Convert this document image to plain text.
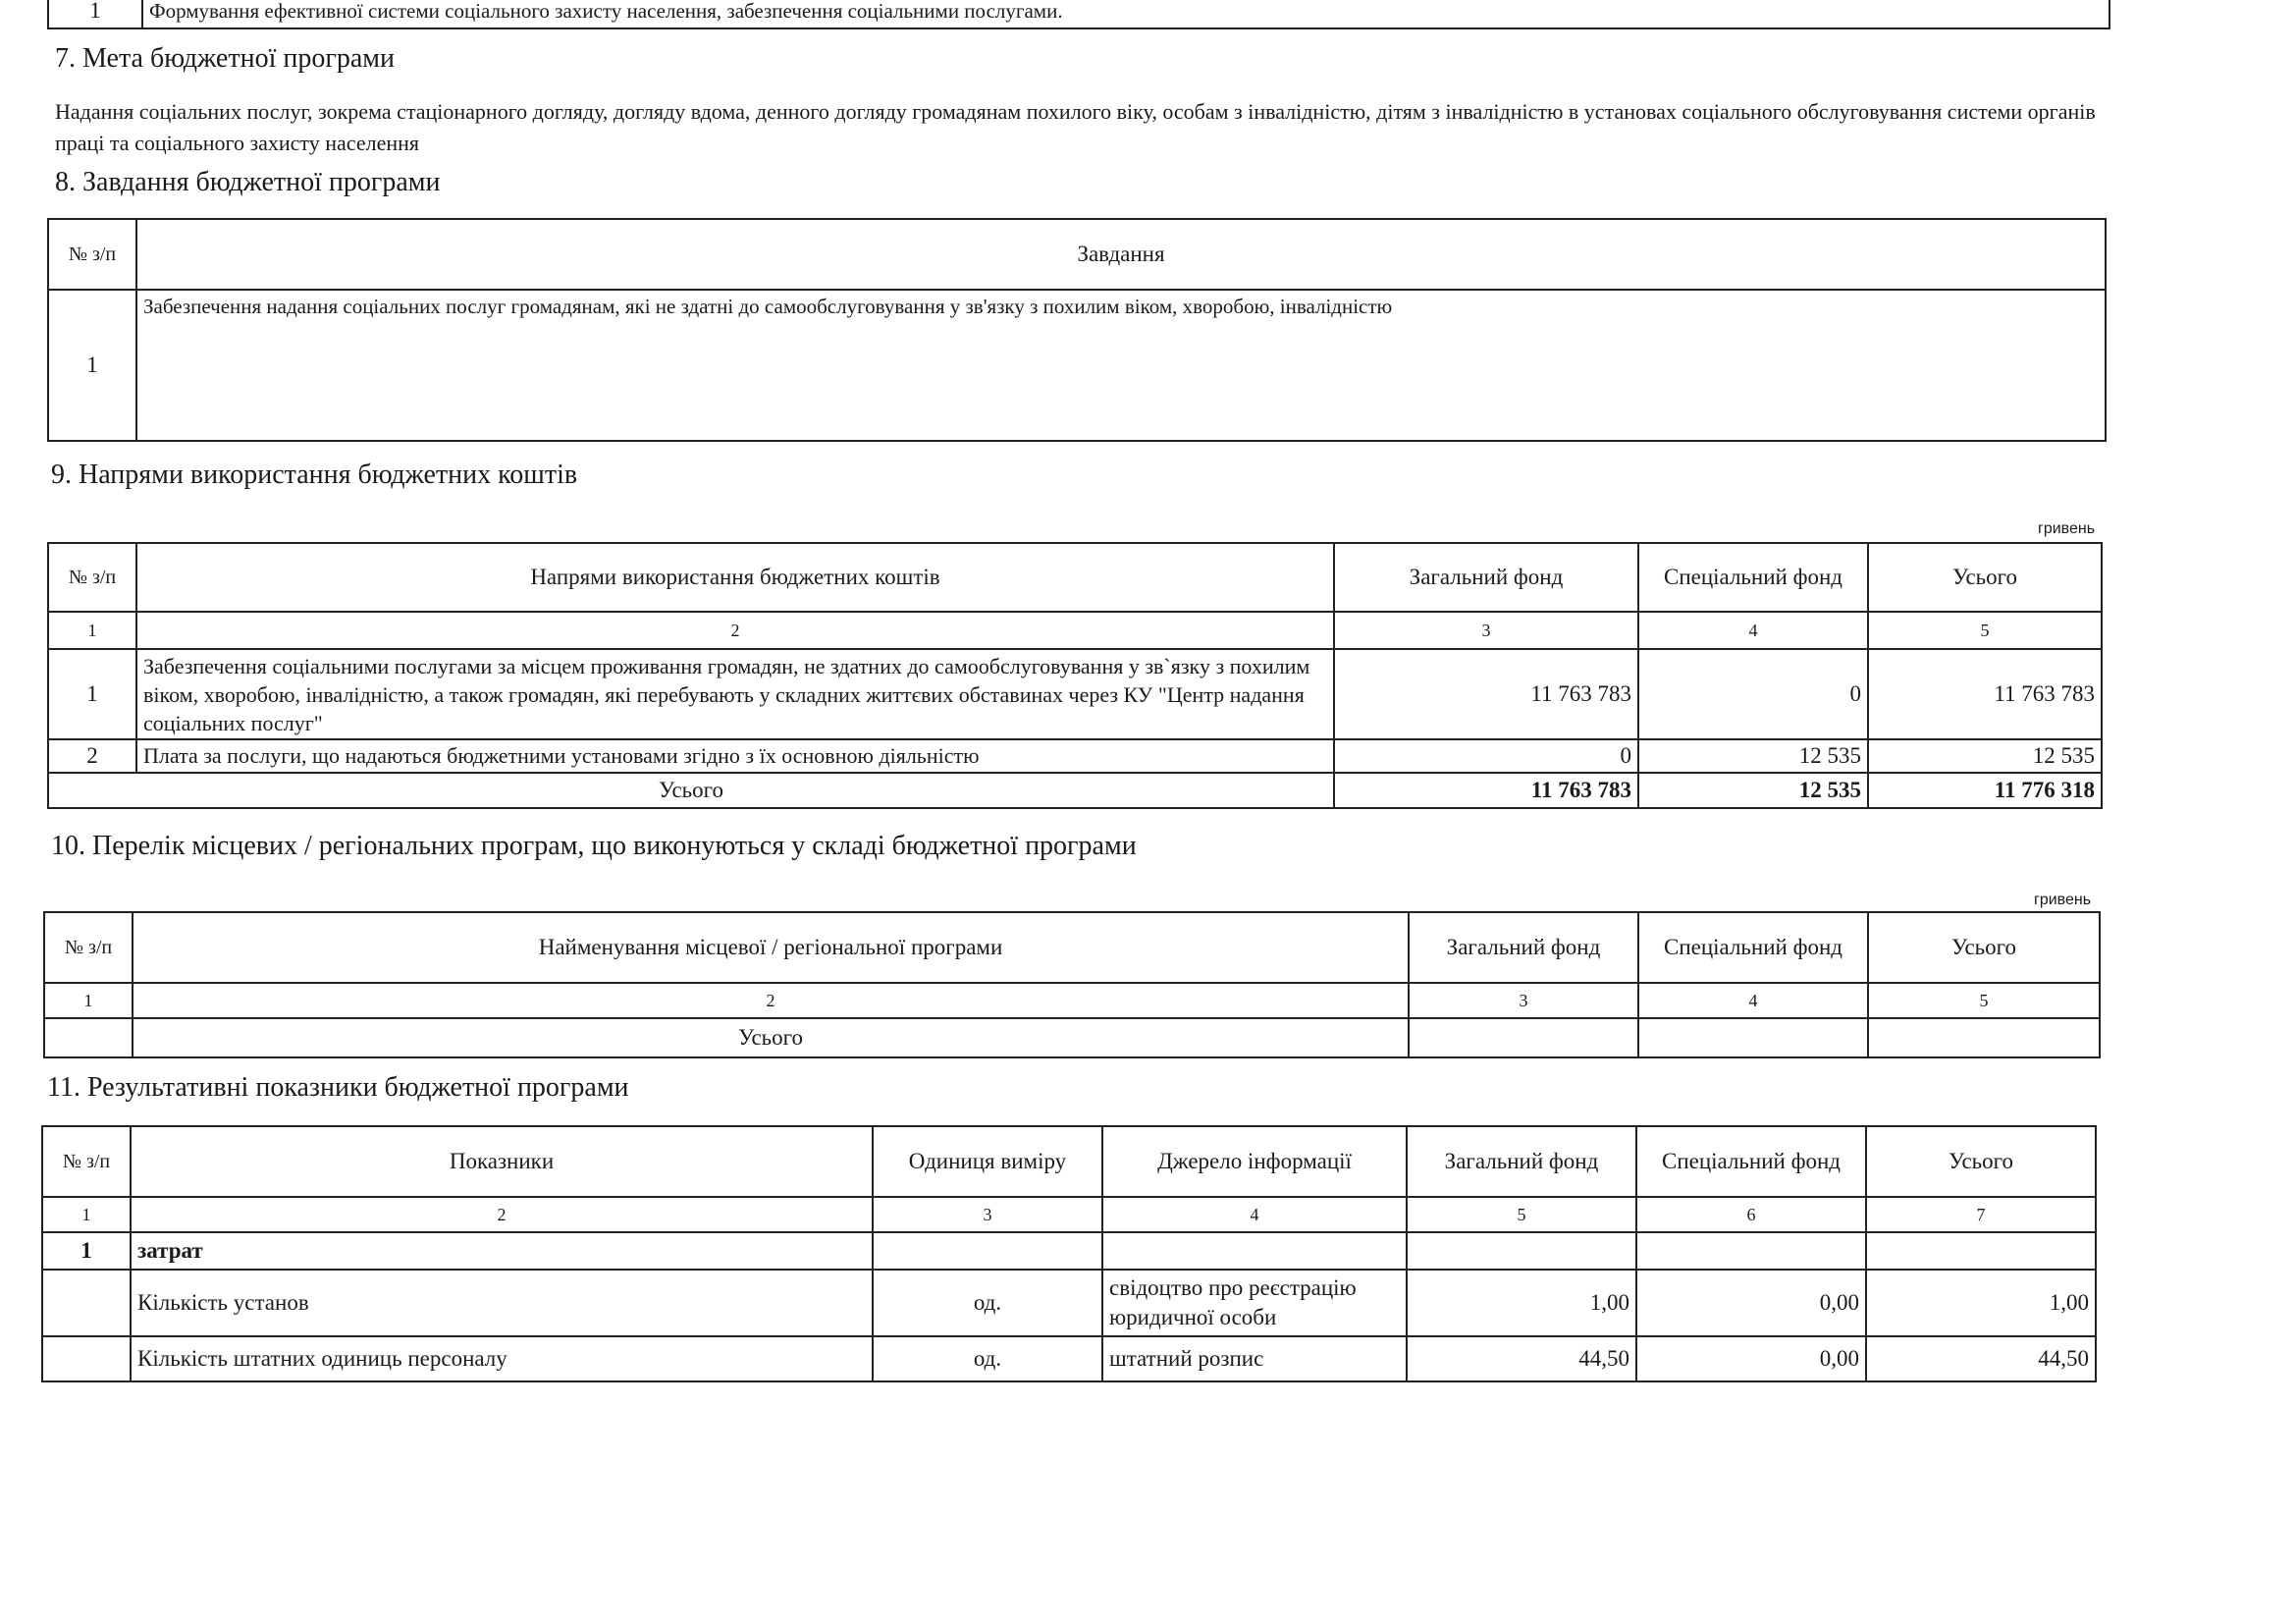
1	Формування ефективної системи соціального захисту населення, забезпечення соціальними послугами.
7. Мета бюджетної програми
Надання соціальних послуг, зокрема стаціонарного догляду, догляду вдома, денного догляду громадянам похилого віку, особам з інвалідністю, дітям з інвалідністю в установах соціального обслуговування системи органів праці та соціального захисту населення
8. Завдання бюджетної програми
№ з/п	Завдання
1	Забезпечення надання соціальних послуг громадянам, які не здатні до самообслуговування у зв'язку з похилим віком, хворобою, інвалідністю
9. Напрями використання бюджетних коштів
гривень
№ з/п	Напрями використання бюджетних коштів	Загальний фонд	Спеціальний фонд	Усього
1	2	3	4	5
1	Забезпечення соціальними послугами за місцем проживання громадян, не здатних до самообслуговування у зв`язку з похилим віком, хворобою, інвалідністю, а також громадян, які перебувають у складних життєвих обставинах через КУ "Центр надання соціальних послуг"	11 763 783	0	11 763 783
2	Плата за послуги, що надаються бюджетними установами згідно з їх основною діяльністю	0	12 535	12 535
Усього		11 763 783	12 535	11 776 318
10. Перелік місцевих / регіональних програм, що виконуються у складі бюджетної програми
гривень
№ з/п	Найменування місцевої / регіональної програми	Загальний фонд	Спеціальний фонд	Усього
1	2	3	4	5
	Усього			
11. Результативні показники бюджетної програми
№ з/п	Показники	Одиниця виміру	Джерело інформації	Загальний фонд	Спеціальний фонд	Усього
1	2	3	4	5	6	7
1	затрат					
	Кількість установ	од.	свідоцтво про реєстрацію юридичної особи	1,00	0,00	1,00
	Кількість штатних одиниць персоналу	од.	штатний розпис	44,50	0,00	44,50
